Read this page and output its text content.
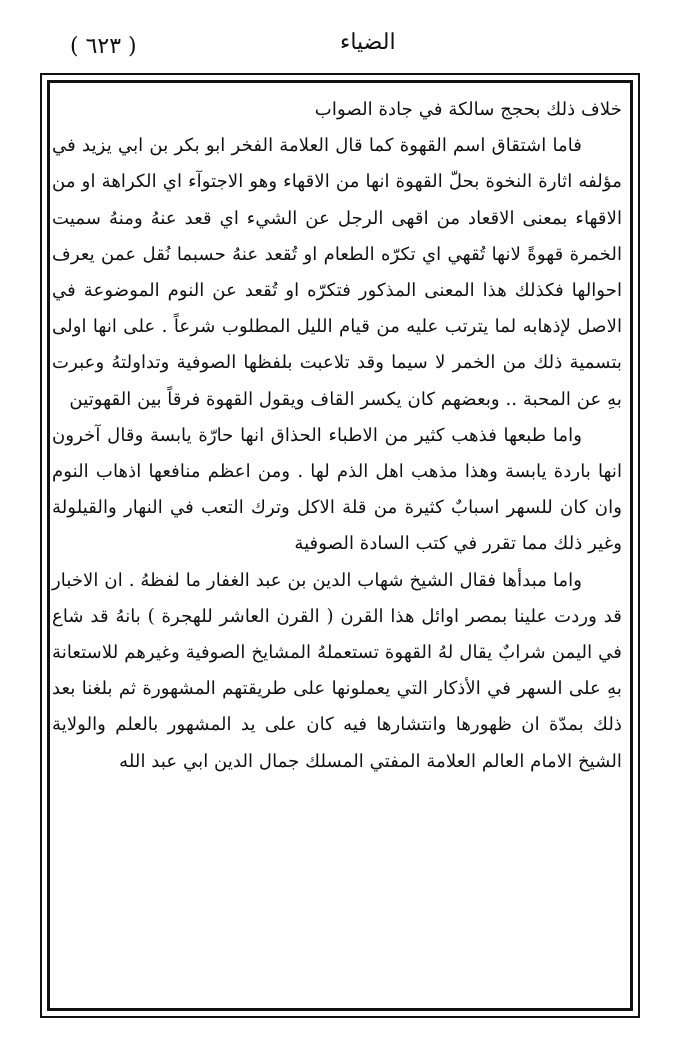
( ٦٢٣ )	الضياء

خلاف ذلك بحجج سالكة في جادة الصواب

فاما اشتقاق اسم القهوة كما قال العلامة الفخر ابو بكر بن ابي يزيد في مؤلفه اثارة النخوة بحلّ القهوة انها من الاقهاء وهو الاجتوآء اي الكراهة او من الاقهاء بمعنى الاقعاد من اقهى الرجل عن الشيء اي قعد عنهُ ومنهُ سميت الخمرة قهوةً لانها تُقهي اي تكرّه الطعام او تُقعد عنهُ حسبما نُقل عمن يعرف احوالها فكذلك هذا المعنى المذكور فتكرّه او تُقعد عن النوم الموضوعة في الاصل لإذهابه لما يترتب عليه من قيام الليل المطلوب شرعاً . على انها اولى بتسمية ذلك من الخمر لا سيما وقد تلاعبت بلفظها الصوفية وتداولتهُ وعبرت بهِ عن المحبة .. وبعضهم كان يكسر القاف ويقول القهوة فرقاً بين القهوتين

واما طبعها فذهب كثير من الاطباء الحذاق انها حارّة يابسة وقال آخرون انها باردة يابسة وهذا مذهب اهل الذم لها . ومن اعظم منافعها اذهاب النوم وان كان للسهر اسبابٌ كثيرة من قلة الاكل وترك التعب في النهار والقيلولة وغير ذلك مما تقرر في كتب السادة الصوفية

واما مبدأها فقال الشيخ شهاب الدين بن عبد الغفار ما لفظهُ . ان الاخبار قد وردت علينا بمصر اوائل هذا القرن ( القرن العاشر للهجرة ) بانهُ قد شاع في اليمن شرابٌ يقال لهُ القهوة تستعملهُ المشايخ الصوفية وغيرهم للاستعانة بهِ على السهر في الأذكار التي يعملونها على طريقتهم المشهورة ثم بلغنا بعد ذلك بمدّة ان ظهورها وانتشارها فيه كان على يد المشهور بالعلم والولاية الشيخ الامام العالم العلامة المفتي المسلك جمال الدين ابي عبد الله
